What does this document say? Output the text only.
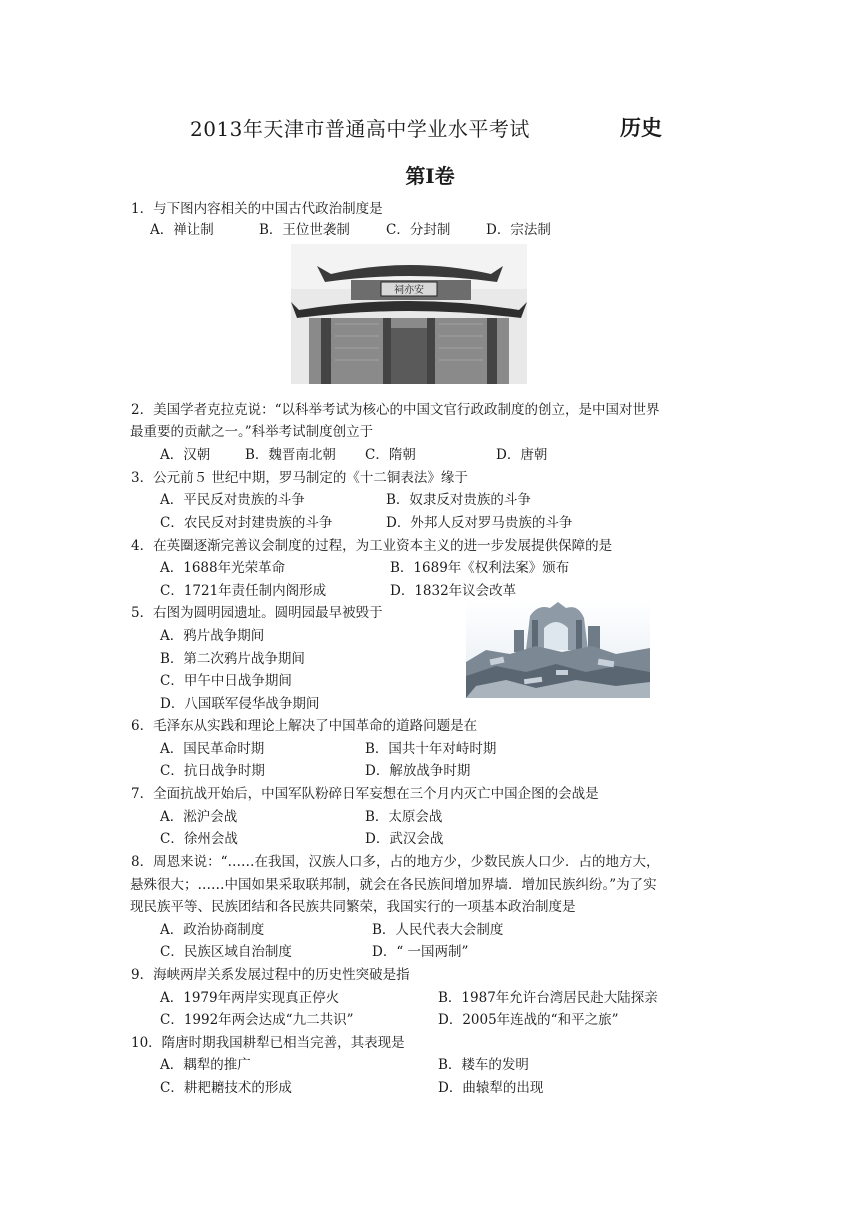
2013年天津市普通高中学业水平考试	历史
第Ⅰ卷
1．与下图内容相关的中国古代政治制度是
A．禅让制	B．王位世袭制	C．分封制	D．宗法制
祠亦安
2．美国学者克拉克说：“以科举考试为核心的中国文官行政政制度的创立，是中国对世界
最重要的贡献之一。”科举考试制度创立于
A．汉朝	B．魏晋南北朝 C．隋朝	D．唐朝
3．公元前５ 世纪中期，罗马制定的《十二铜表法》缘于
A．平民反对贵族的斗争	B．奴隶反对贵族的斗争
C．农民反对封建贵族的斗争	D．外邦人反对罗马贵族的斗争
4．在英圈逐渐完善议会制度的过程，为工业资本主义的进一步发展提供保障的是
A．1688年光荣革命	B．1689年《权利法案》颁布
C．1721年责任制内阁形成	D．1832年议会改革
5．右图为圆明园遗址。圆明园最早被毁于
A．鸦片战争期间
B．第二次鸦片战争期间
C．甲午中日战争期间
D．八国联军侵华战争期间
6．毛泽东从实践和理论上解决了中国革命的道路问题是在
A．国民革命时期	B．国共十年对峙时期
C．抗日战争时期	D．解放战争时期
7．全面抗战开始后，中国军队粉碎日军妄想在三个月内灭亡中国企图的会战是
A．淞沪会战	B．太原会战
C．徐州会战	D．武汉会战
8．周恩来说：“……在我国，汉族人口多，占的地方少，少数民族人口少．占的地方大，
悬殊很大；……中国如果采取联邦制，就会在各民族间增加界墙．增加民族纠纷。”为了实
现民族平等、民族团结和各民族共同繁荣，我国实行的一项基本政治制度是
A．政治协商制度	B．人民代表大会制度
C．民族区域自治制度	D．“ 一国两制”
9．海峡两岸关系发展过程中的历史性突破是指
A．1979年两岸实现真正停火	B．1987年允许台湾居民赴大陆探亲
C．1992年两会达成“九二共识”	D．2005年连战的“和平之旅”
10．隋唐时期我国耕犁已相当完善，其表现是
A．耦犁的推广	B．耧车的发明
C．耕耙耱技术的形成	D．曲辕犁的出现
